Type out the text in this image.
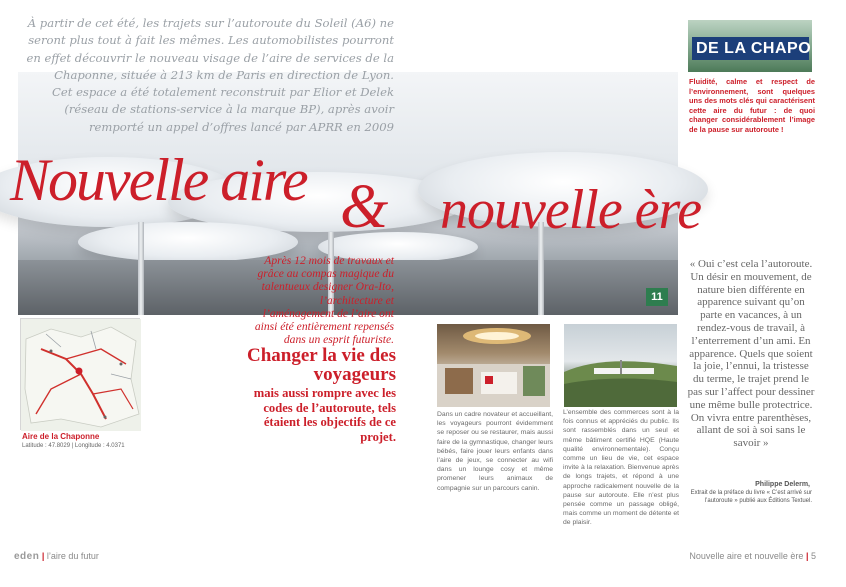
11
À partir de cet été, les trajets sur l’autoroute du Soleil (A6) ne seront plus tout à fait les mêmes. Les automobilistes pourront en effet découvrir le nouveau visage de l’aire de services de la Chaponne, située à 213 km de Paris en direction de Lyon.
Cet espace a été totalement reconstruit par Elior et Delek (réseau de stations-service à la marque BP), après avoir remporté un appel d’offres lancé par APRR en 2009
Nouvelle aire & nouvelle ère
Après 12 mois de travaux et grâce au compas magique du talentueux designer Ora-Ito, l’architecture et l’aménagement de l’aire ont ainsi été entièrement repensés dans un esprit futuriste.
Changer la vie des voyageurs
mais aussi rompre avec les codes de l’autoroute, tels étaient les objectifs de ce projet.
Aire de la Chaponne
Latitude : 47.8029 | Longitude : 4.0371
Dans un cadre novateur et accueillant, les voyageurs pourront évidemment se reposer ou se restaurer, mais aussi faire de la gymnastique, changer leurs bébés, faire jouer leurs enfants dans l’aire de jeux, se connecter au wifi dans un lounge cosy et même promener leurs animaux de compagnie sur un parcours canin.
L’ensemble des commerces sont à la fois connus et appréciés du public. Ils sont rassemblés dans un seul et même bâtiment certifié HQE (Haute qualité environnementale). Conçu comme un lieu de vie, cet espace invite à la relaxation. Bienvenue après de longs trajets, et répond à une approche radicalement nouvelle de la pause sur autoroute. Elle n’est plus pensée comme un passage obligé, mais comme un moment de détente et de plaisir.
DE LA CHAPONNE
Fluidité, calme et respect de l’environnement, sont quelques uns des mots clés qui caractérisent cette aire du futur : de quoi changer considérablement l’image de la pause sur autoroute !
« Oui c’est cela l’autoroute. Un désir en mouvement, de nature bien différente en apparence suivant qu’on parte en vacances, à un rendez-vous de travail, à l’enterrement d’un ami. En apparence. Quels que soient la joie, l’ennui, la tristesse du terme, le trajet prend le pas sur l’affect pour dessiner une même bulle protectrice. On vivra entre parenthèses, allant de soi à soi sans le savoir »
Philippe Delerm,
Extrait de la préface du livre « C’est arrivé sur l’autoroute » publié aux Éditions Textuel.
eden | l’aire du futur	Nouvelle aire et nouvelle ère | 5
